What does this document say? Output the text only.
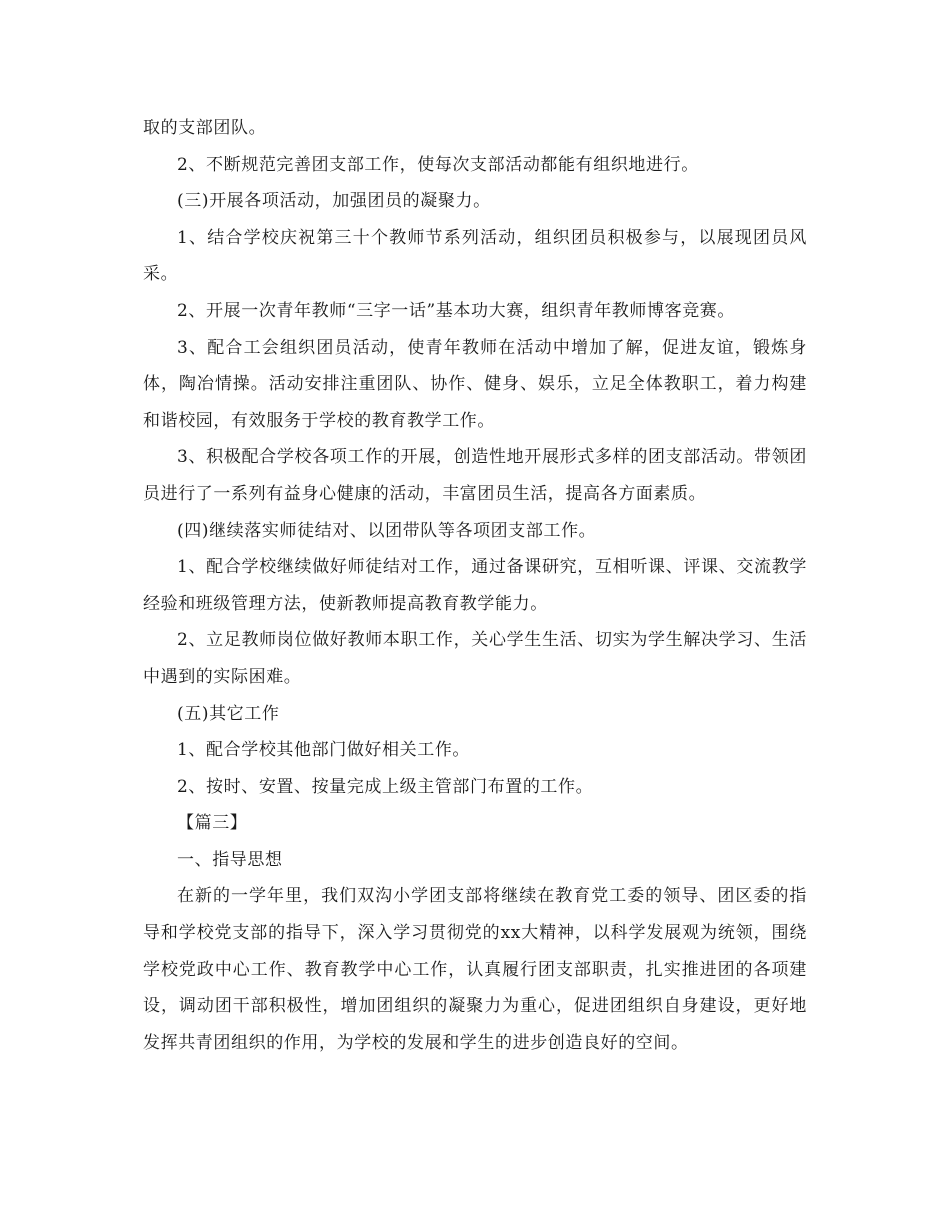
取的支部团队。

2、不断规范完善团支部工作，使每次支部活动都能有组织地进行。

(三)开展各项活动，加强团员的凝聚力。

1、结合学校庆祝第三十个教师节系列活动，组织团员积极参与，以展现团员风采。

2、开展一次青年教师“三字一话”基本功大赛，组织青年教师博客竞赛。

3、配合工会组织团员活动，使青年教师在活动中增加了解，促进友谊，锻炼身体，陶冶情操。活动安排注重团队、协作、健身、娱乐，立足全体教职工，着力构建和谐校园，有效服务于学校的教育教学工作。

3、积极配合学校各项工作的开展，创造性地开展形式多样的团支部活动。带领团员进行了一系列有益身心健康的活动，丰富团员生活，提高各方面素质。

(四)继续落实师徒结对、以团带队等各项团支部工作。

1、配合学校继续做好师徒结对工作，通过备课研究，互相听课、评课、交流教学经验和班级管理方法，使新教师提高教育教学能力。

2、立足教师岗位做好教师本职工作，关心学生生活、切实为学生解决学习、生活中遇到的实际困难。

(五)其它工作

1、配合学校其他部门做好相关工作。

2、按时、安置、按量完成上级主管部门布置的工作。

【篇三】

一、指导思想

在新的一学年里，我们双沟小学团支部将继续在教育党工委的领导、团区委的指导和学校党支部的指导下，深入学习贯彻党的xx大精神，以科学发展观为统领，围绕学校党政中心工作、教育教学中心工作，认真履行团支部职责，扎实推进团的各项建设，调动团干部积极性，增加团组织的凝聚力为重心，促进团组织自身建设，更好地发挥共青团组织的作用，为学校的发展和学生的进步创造良好的空间。
